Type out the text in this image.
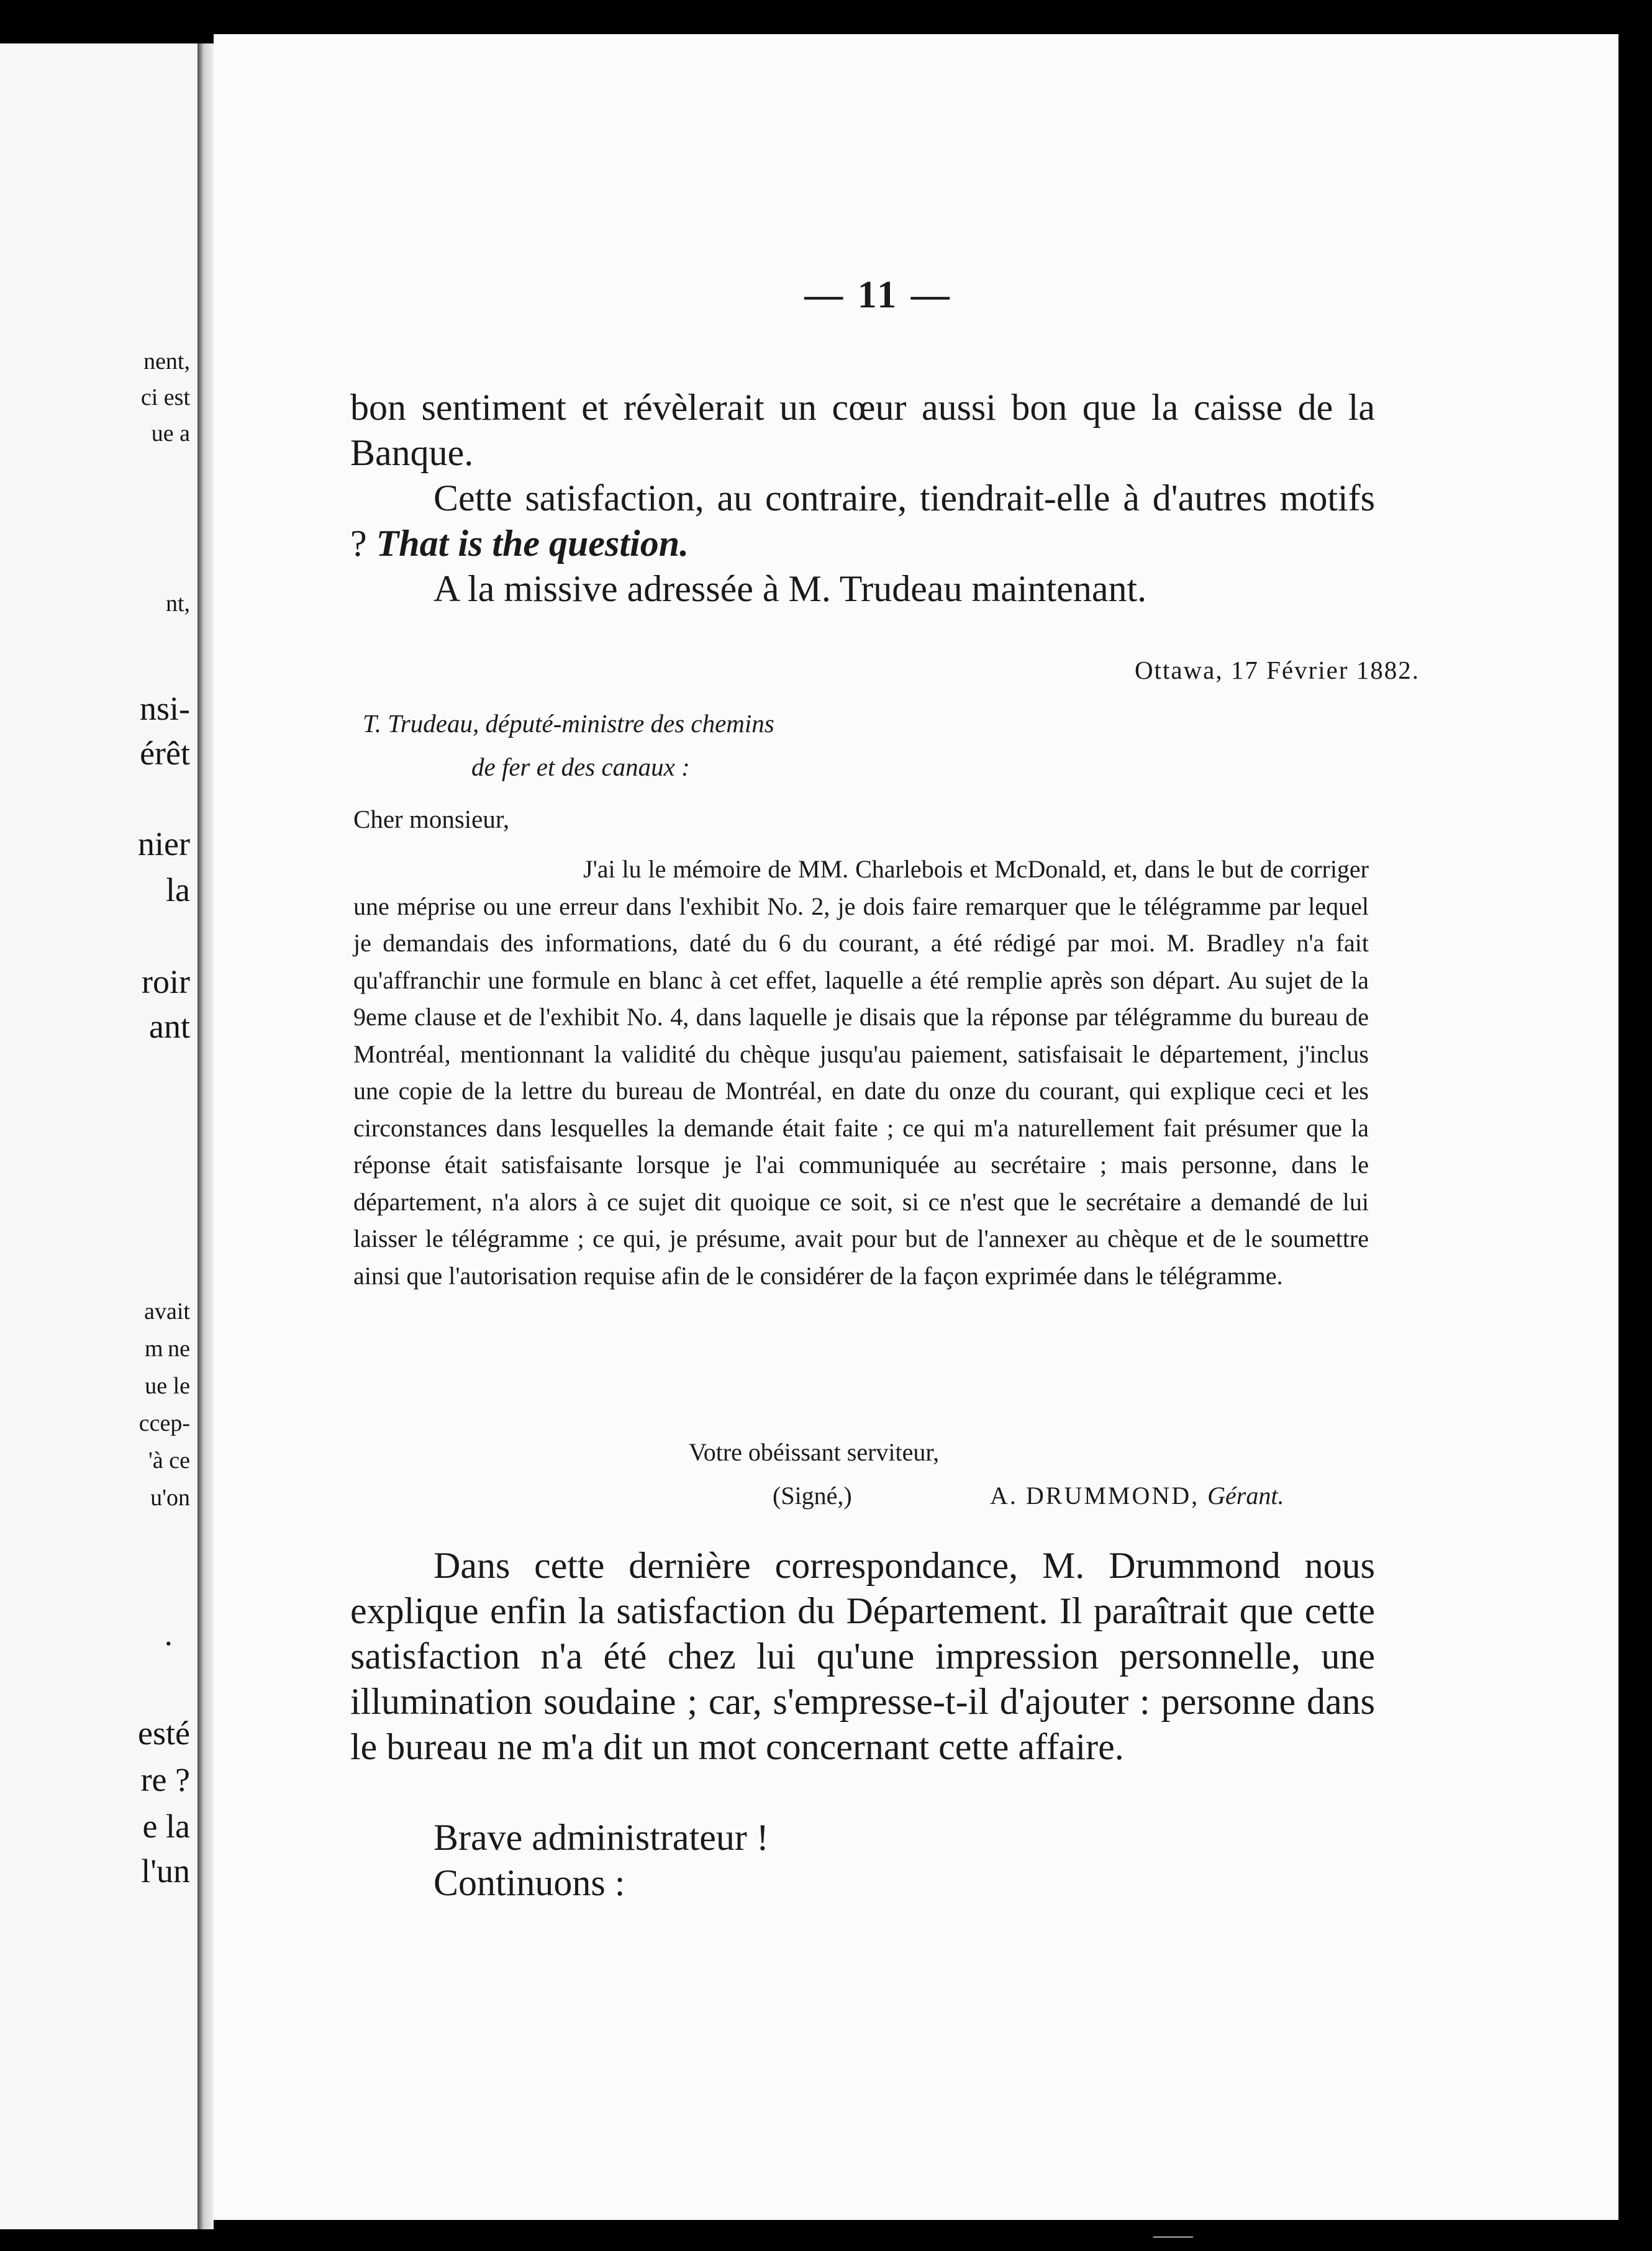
nent,
ci est
ue a
nt,
nsi-
érêt
nier
la
roir
ant
avait
m ne
ue le
ccep-
'à ce
u'on
.
esté
re ?
e la
l'un
— 11 —

bon sentiment et révèlerait un cœur aussi bon que la caisse de la Banque.

Cette satisfaction, au contraire, tiendrait-elle à d'autres motifs ? That is the question.

A la missive adressée à M. Trudeau maintenant.

Ottawa, 17 Février 1882.
T. Trudeau, député-ministre des chemins
de fer et des canaux :
Cher monsieur,

J'ai lu le mémoire de MM. Charlebois et McDonald, et, dans le but de corriger une méprise ou une erreur dans l'exhibit No. 2, je dois faire remarquer que le télégramme par lequel je demandais des informations, daté du 6 du courant, a été rédigé par moi. M. Bradley n'a fait qu'affranchir une formule en blanc à cet effet, laquelle a été remplie après son départ. Au sujet de la 9eme clause et de l'exhibit No. 4, dans laquelle je disais que la réponse par télégramme du bureau de Montréal, mentionnant la validité du chèque jusqu'au paiement, satisfaisait le département, j'inclus une copie de la lettre du bureau de Montréal, en date du onze du courant, qui explique ceci et les circonstances dans lesquelles la demande était faite ; ce qui m'a naturellement fait présumer que la réponse était satisfaisante lorsque je l'ai communiquée au secrétaire ; mais personne, dans le département, n'a alors à ce sujet dit quoique ce soit, si ce n'est que le secrétaire a demandé de lui laisser le télégramme ; ce qui, je présume, avait pour but de l'annexer au chèque et de le soumettre ainsi que l'autorisation requise afin de le considérer de la façon exprimée dans le télégramme.

Votre obéissant serviteur,
(Signé,)	A. DRUMMOND, Gérant.

Dans cette dernière correspondance, M. Drummond nous explique enfin la satisfaction du Département. Il paraîtrait que cette satisfaction n'a été chez lui qu'une impression personnelle, une illumination soudaine ; car, s'empresse-t-il d'ajouter : personne dans le bureau ne m'a dit un mot concernant cette affaire.

Brave administrateur !

Continuons :

⸺
